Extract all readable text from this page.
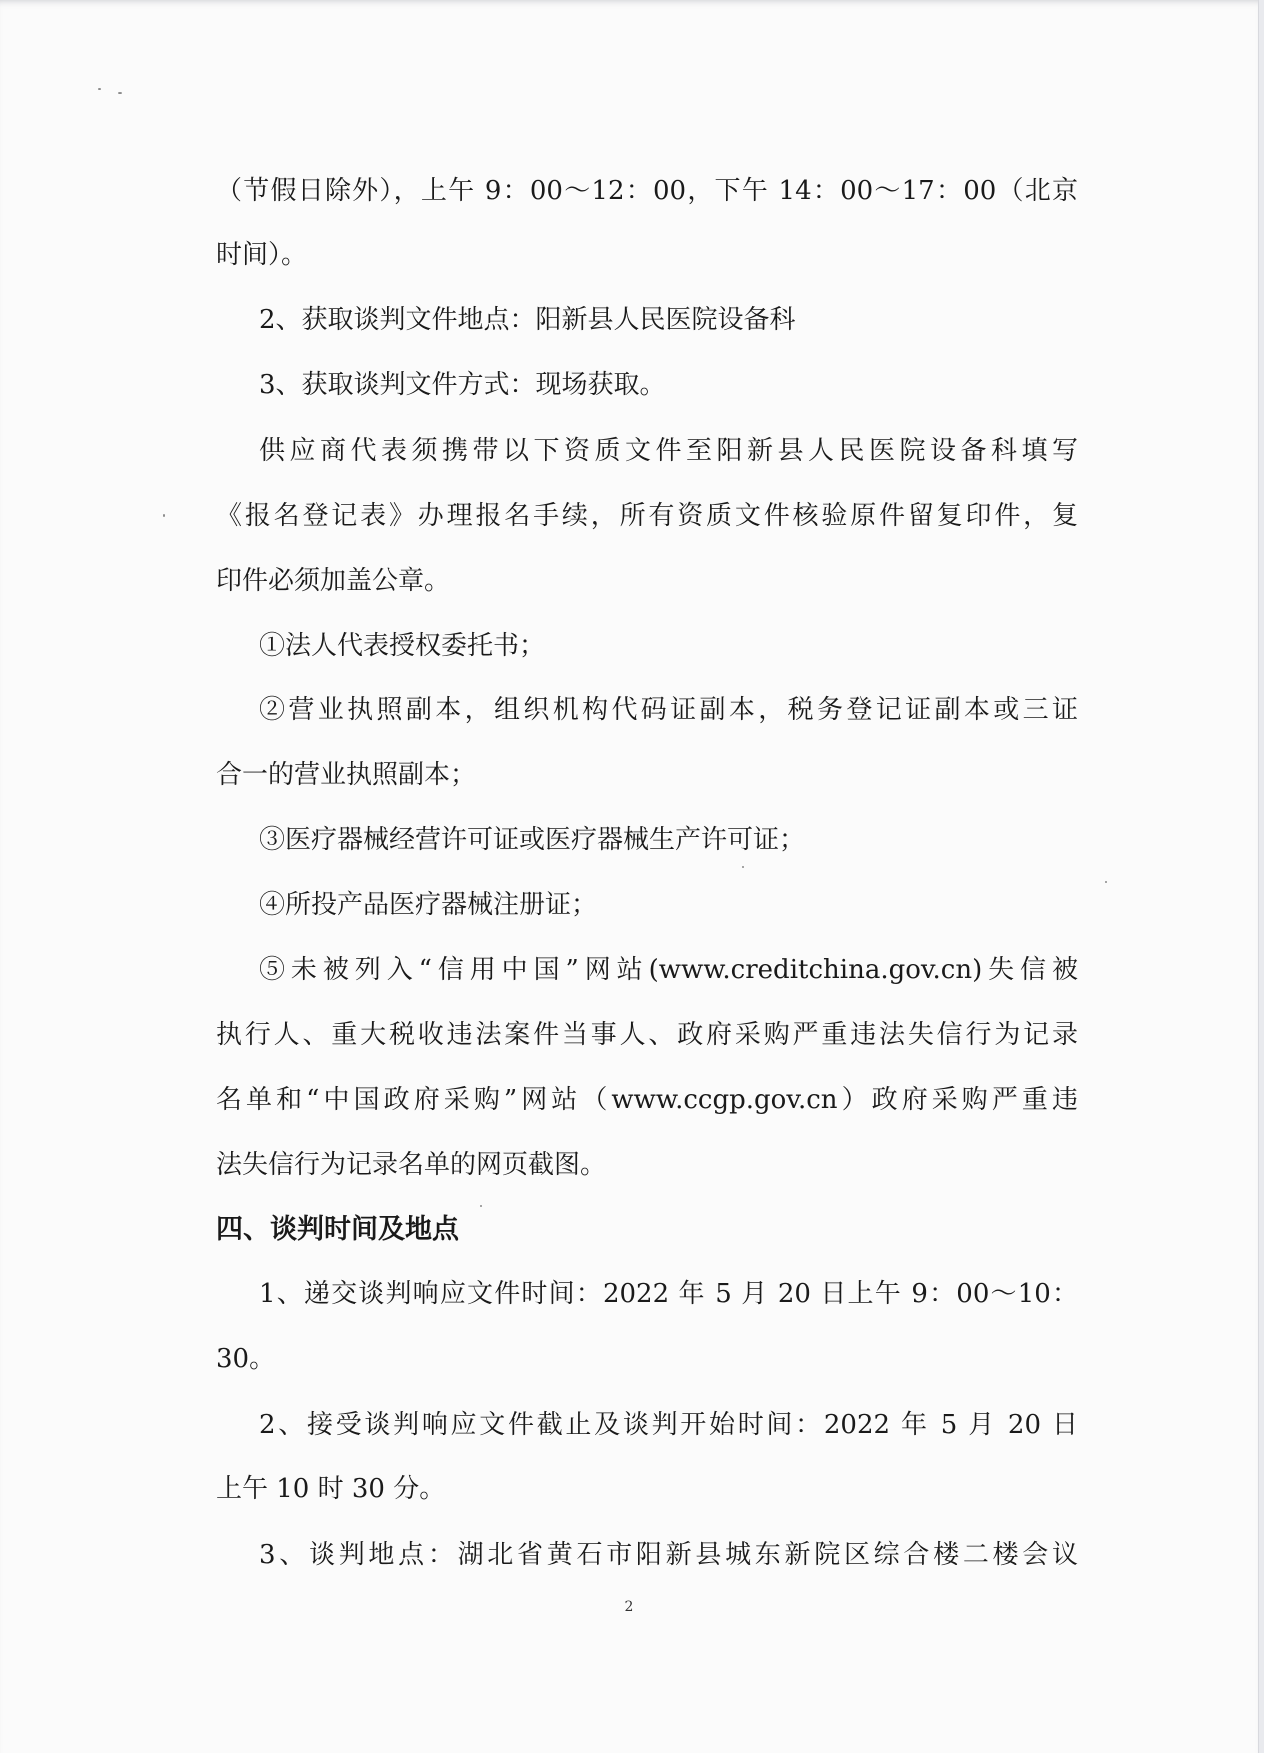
（节假日除外），上午 9：00～12：00，下午 14：00～17：00（北京
时间）。
2、获取谈判文件地点：阳新县人民医院设备科
3、获取谈判文件方式：现场获取。
供应商代表须携带以下资质文件至阳新县人民医院设备科填写
《报名登记表》办理报名手续，所有资质文件核验原件留复印件，复
印件必须加盖公章。
①法人代表授权委托书；
②营业执照副本，组织机构代码证副本，税务登记证副本或三证
合一的营业执照副本；
③医疗器械经营许可证或医疗器械生产许可证；
④所投产品医疗器械注册证；
⑤未被列入“信用中国”网站(www.creditchina.gov.cn)失信被
执行人、重大税收违法案件当事人、政府采购严重违法失信行为记录
名单和“中国政府采购”网站（www.ccgp.gov.cn）政府采购严重违
法失信行为记录名单的网页截图。
四、谈判时间及地点
1、递交谈判响应文件时间：2022 年 5 月 20 日上午 9：00～10：
30。
2、接受谈判响应文件截止及谈判开始时间：2022 年 5 月 20 日
上午 10 时 30 分。
3、谈判地点：湖北省黄石市阳新县城东新院区综合楼二楼会议
2
